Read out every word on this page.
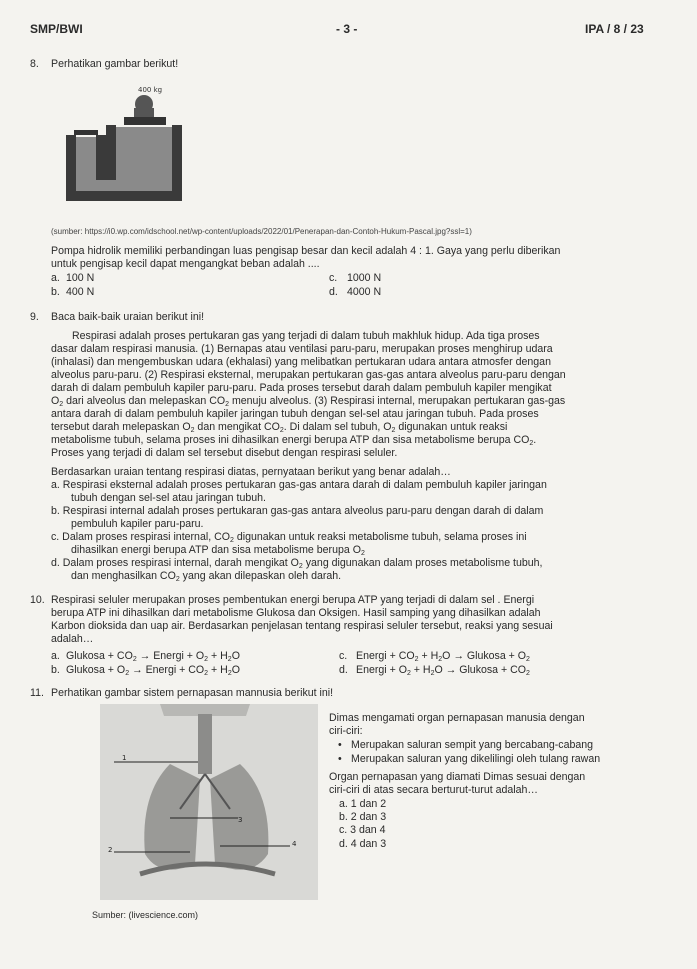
SMP/BWI	- 3 -	IPA / 8 / 23
8. Perhatikan gambar berikut!
400 kg
(sumber: https://i0.wp.com/idschool.net/wp-content/uploads/2022/01/Penerapan-dan-Contoh-Hukum-Pascal.jpg?ssl=1)
Pompa hidrolik memiliki perbandingan luas pengisap besar dan kecil adalah 4 : 1. Gaya yang perlu diberikan
untuk pengisap kecil dapat mengangkat beban adalah ....
a. 100 N
b. 400 N
c. 1000 N
d. 4000 N
9. Baca baik-baik uraian berikut ini!
Respirasi adalah proses pertukaran gas yang terjadi di dalam tubuh makhluk hidup. Ada tiga proses
dasar dalam respirasi manusia. (1) Bernapas atau ventilasi paru-paru, merupakan proses menghirup udara
(inhalasi) dan mengembuskan udara (ekhalasi) yang melibatkan pertukaran udara antara atmosfer dengan
alveolus paru-paru. (2) Respirasi eksternal, merupakan pertukaran gas-gas antara alveolus paru-paru dengan
darah di dalam pembuluh kapiler paru-paru. Pada proses tersebut darah dalam pembuluh kapiler mengikat
$O_2$ dari alveolus dan melepaskan $CO_2$ menuju alveolus. (3) Respirasi internal, merupakan pertukaran gas-gas
antara darah di dalam pembuluh kapiler jaringan tubuh dengan sel-sel atau jaringan tubuh. Pada proses
tersebut darah melepaskan $O_2$ dan mengikat $CO_2$. Di dalam sel tubuh, $O_2$ digunakan untuk reaksi
metabolisme tubuh, selama proses ini dihasilkan energi berupa ATP dan sisa metabolisme berupa $CO_2$.
Proses yang terjadi di dalam sel tersebut disebut dengan respirasi seluler.
Berdasarkan uraian tentang respirasi diatas, pernyataan berikut yang benar adalah…
a. Respirasi eksternal adalah proses pertukaran gas-gas antara darah di dalam pembuluh kapiler jaringan
tubuh dengan sel-sel atau jaringan tubuh.
b. Respirasi internal adalah proses pertukaran gas-gas antara alveolus paru-paru dengan darah di dalam
pembuluh kapiler paru-paru.
c. Dalam proses respirasi internal, $CO_2$ digunakan untuk reaksi metabolisme tubuh, selama proses ini
dihasilkan energi berupa ATP dan sisa metabolisme berupa $O_2$
d. Dalam proses respirasi internal, darah mengikat $O_2$ yang digunakan dalam proses metabolisme tubuh,
dan menghasilkan $CO_2$ yang akan dilepaskan oleh darah.
10. Respirasi seluler merupakan proses pembentukan energi berupa ATP yang terjadi di dalam sel . Energi
berupa ATP ini dihasilkan dari metabolisme Glukosa dan Oksigen. Hasil samping yang dihasilkan adalah
Karbon dioksida dan uap air. Berdasarkan penjelasan tentang respirasi seluler tersebut, reaksi yang sesuai
adalah…
a. Glukosa + $CO_2$ → Energi + $O_2 + H_2O$
b. Glukosa + $O_2$ → Energi + $CO_2 + H_2O$
c. Energi + $CO_2 + H_2O$ → Glukosa + $O_2$
d. Energi + $O_2 + H_2O$ → Glukosa + $CO_2$
11. Perhatikan gambar sistem pernapasan mannusia berikut ini!
1
3
2
4
Sumber: (livescience.com)
Dimas mengamati organ pernapasan manusia dengan
ciri-ciri:
• Merupakan saluran sempit yang bercabang-cabang
• Merupakan saluran yang dikelilingi oleh tulang rawan
Organ pernapasan yang diamati Dimas sesuai dengan
ciri-ciri di atas secara berturut-turut adalah…
a. 1 dan 2
b. 2 dan 3
c. 3 dan 4
d. 4 dan 3
